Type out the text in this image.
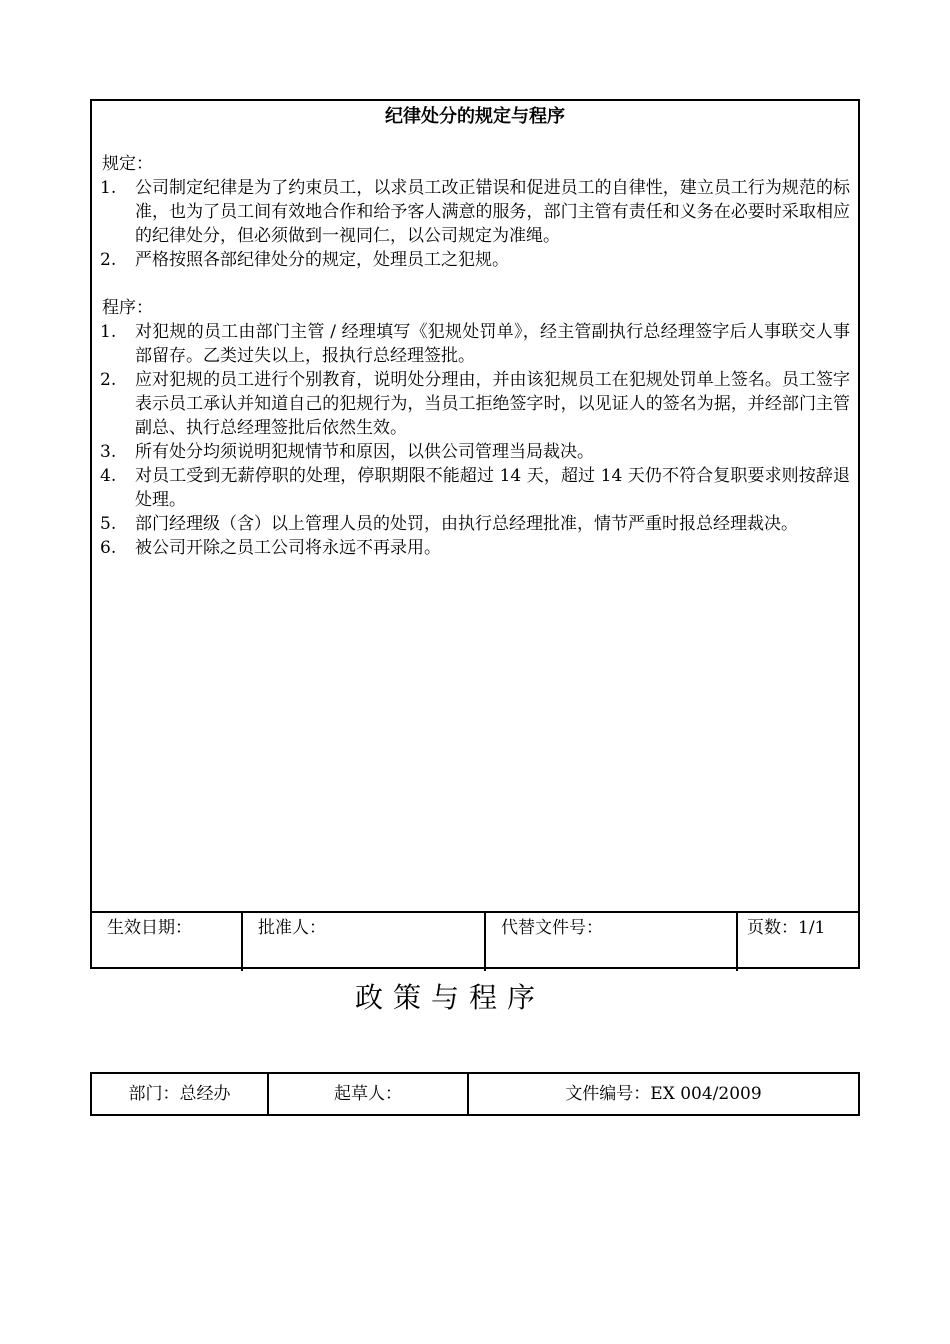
纪律处分的规定与程序
规定：
1.	公司制定纪律是为了约束员工，以求员工改正错误和促进员工的自律性，建立员工行为规范的标准，也为了员工间有效地合作和给予客人满意的服务，部门主管有责任和义务在必要时采取相应的纪律处分，但必须做到一视同仁，以公司规定为准绳。
2.	严格按照各部纪律处分的规定，处理员工之犯规。
程序：
1.	对犯规的员工由部门主管 / 经理填写《犯规处罚单》，经主管副执行总经理签字后人事联交人事部留存。乙类过失以上，报执行总经理签批。
2.	应对犯规的员工进行个别教育，说明处分理由，并由该犯规员工在犯规处罚单上签名。员工签字表示员工承认并知道自己的犯规行为，当员工拒绝签字时，以见证人的签名为据，并经部门主管副总、执行总经理签批后依然生效。
3.	所有处分均须说明犯规情节和原因，以供公司管理当局裁决。
4.	对员工受到无薪停职的处理，停职期限不能超过 14 天，超过 14 天仍不符合复职要求则按辞退处理。
5.	部门经理级（含）以上管理人员的处罚，由执行总经理批准，情节严重时报总经理裁决。
6.	被公司开除之员工公司将永远不再录用。
生效日期：	批准人：	代替文件号：	页数：1/1
政策与程序
部门：总经办	起草人：	文件编号：EX 004/2009
